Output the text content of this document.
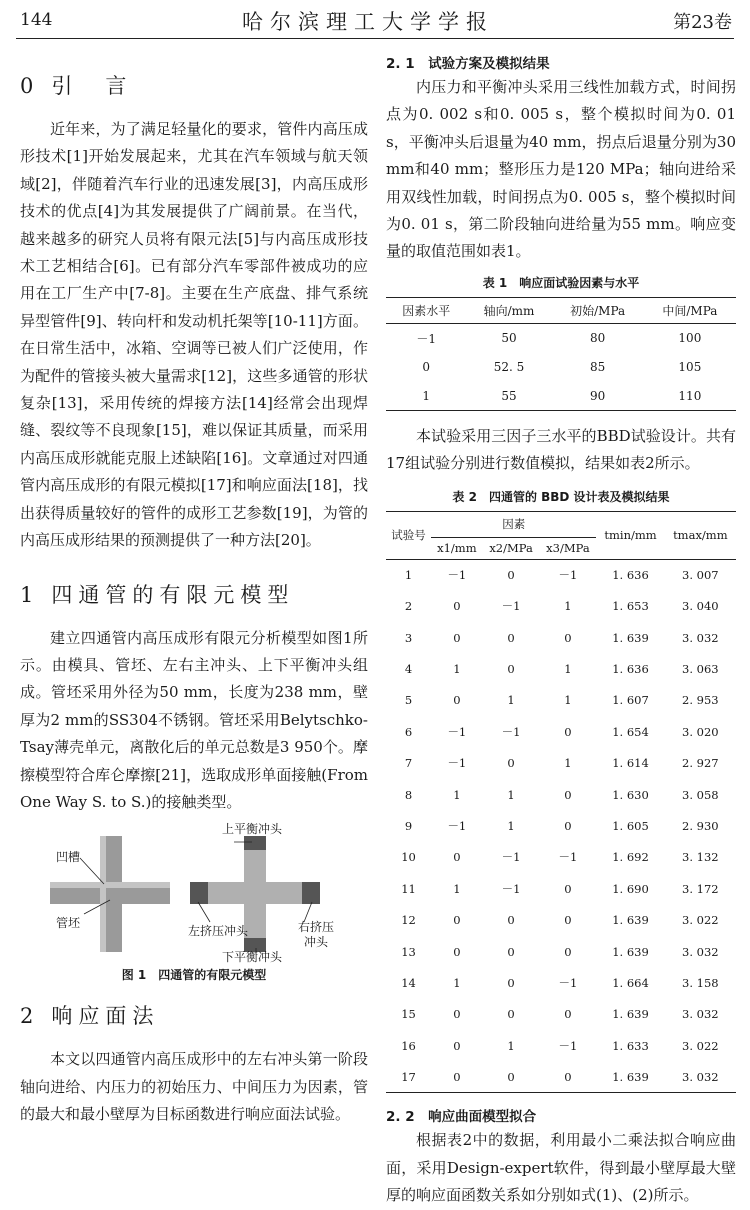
144	哈尔滨理工大学学报	第23卷
0 引　言

近年来，为了满足轻量化的要求，管件内高压成形技术[1]开始发展起来，尤其在汽车领域与航天领域[2]，伴随着汽车行业的迅速发展[3]，内高压成形技术的优点[4]为其发展提供了广阔前景。在当代，越来越多的研究人员将有限元法[5]与内高压成形技术工艺相结合[6]。已有部分汽车零部件被成功的应用在工厂生产中[7-8]。主要在生产底盘、排气系统异型管件[9]、转向杆和发动机托架等[10-11]方面。在日常生活中，冰箱、空调等已被人们广泛使用，作为配件的管接头被大量需求[12]，这些多通管的形状复杂[13]，采用传统的焊接方法[14]经常会出现焊缝、裂纹等不良现象[15]，难以保证其质量，而采用内高压成形就能克服上述缺陷[16]。文章通过对四通管内高压成形的有限元模拟[17]和响应面法[18]，找出获得质量较好的管件的成形工艺参数[19]，为管的内高压成形结果的预测提供了一种方法[20]。

1 四通管的有限元模型

建立四通管内高压成形有限元分析模型如图1所示。由模具、管坯、左右主冲头、上下平衡冲头组成。管坯采用外径为50 mm，长度为238 mm，壁厚为2 mm的SS304不锈钢。管坯采用Belytschko-Tsay薄壳单元，离散化后的单元总数是3 950个。摩擦模型符合库仑摩擦[21]，选取成形单面接触(From One Way S. to S.)的接触类型。

凹槽
管坯
上平衡冲头
左挤压冲头	右挤压
冲头
下平衡冲头
图 1　四通管的有限元模型
2 响应面法

本文以四通管内高压成形中的左右冲头第一阶段轴向进给、内压力的初始压力、中间压力为因素，管的最大和最小壁厚为目标函数进行响应面法试验。

2. 1　试验方案及模拟结果

内压力和平衡冲头采用三线性加载方式，时间拐点为0. 002 s和0. 005 s，整个模拟时间为0. 01 s，平衡冲头后退量为40 mm，拐点后退量分别为30 mm和40 mm；整形压力是120 MPa；轴向进给采用双线性加载，时间拐点为0. 005 s，整个模拟时间为0. 01 s，第二阶段轴向进给量为55 mm。响应变量的取值范围如表1。

表 1　响应面试验因素与水平
因素水平	轴向/mm	初始/MPa	中间/MPa
－1	50	80	100
0	52. 5	85	105
1	55	90	110

本试验采用三因子三水平的BBD试验设计。共有17组试验分别进行数值模拟，结果如表2所示。

表 2　四通管的 BBD 设计表及模拟结果
试验号	因素			tmin/mm	tmax/mm
	x1/mm	x2/MPa	x3/MPa		
1	－1	0	－1	1. 636	3. 007
2	0	－1	1	1. 653	3. 040
3	0	0	0	1. 639	3. 032
4	1	0	1	1. 636	3. 063
5	0	1	1	1. 607	2. 953
6	－1	－1	0	1. 654	3. 020
7	－1	0	1	1. 614	2. 927
8	1	1	0	1. 630	3. 058
9	－1	1	0	1. 605	2. 930
10	0	－1	－1	1. 692	3. 132
11	1	－1	0	1. 690	3. 172
12	0	0	0	1. 639	3. 022
13	0	0	0	1. 639	3. 032
14	1	0	－1	1. 664	3. 158
15	0	0	0	1. 639	3. 032
16	0	1	－1	1. 633	3. 022
17	0	0	0	1. 639	3. 032
2. 2　响应曲面模型拟合

根据表2中的数据，利用最小二乘法拟合响应曲面，采用Design-expert软件，得到最小壁厚最大壁厚的响应面函数关系如分别如式(1)、(2)所示。
